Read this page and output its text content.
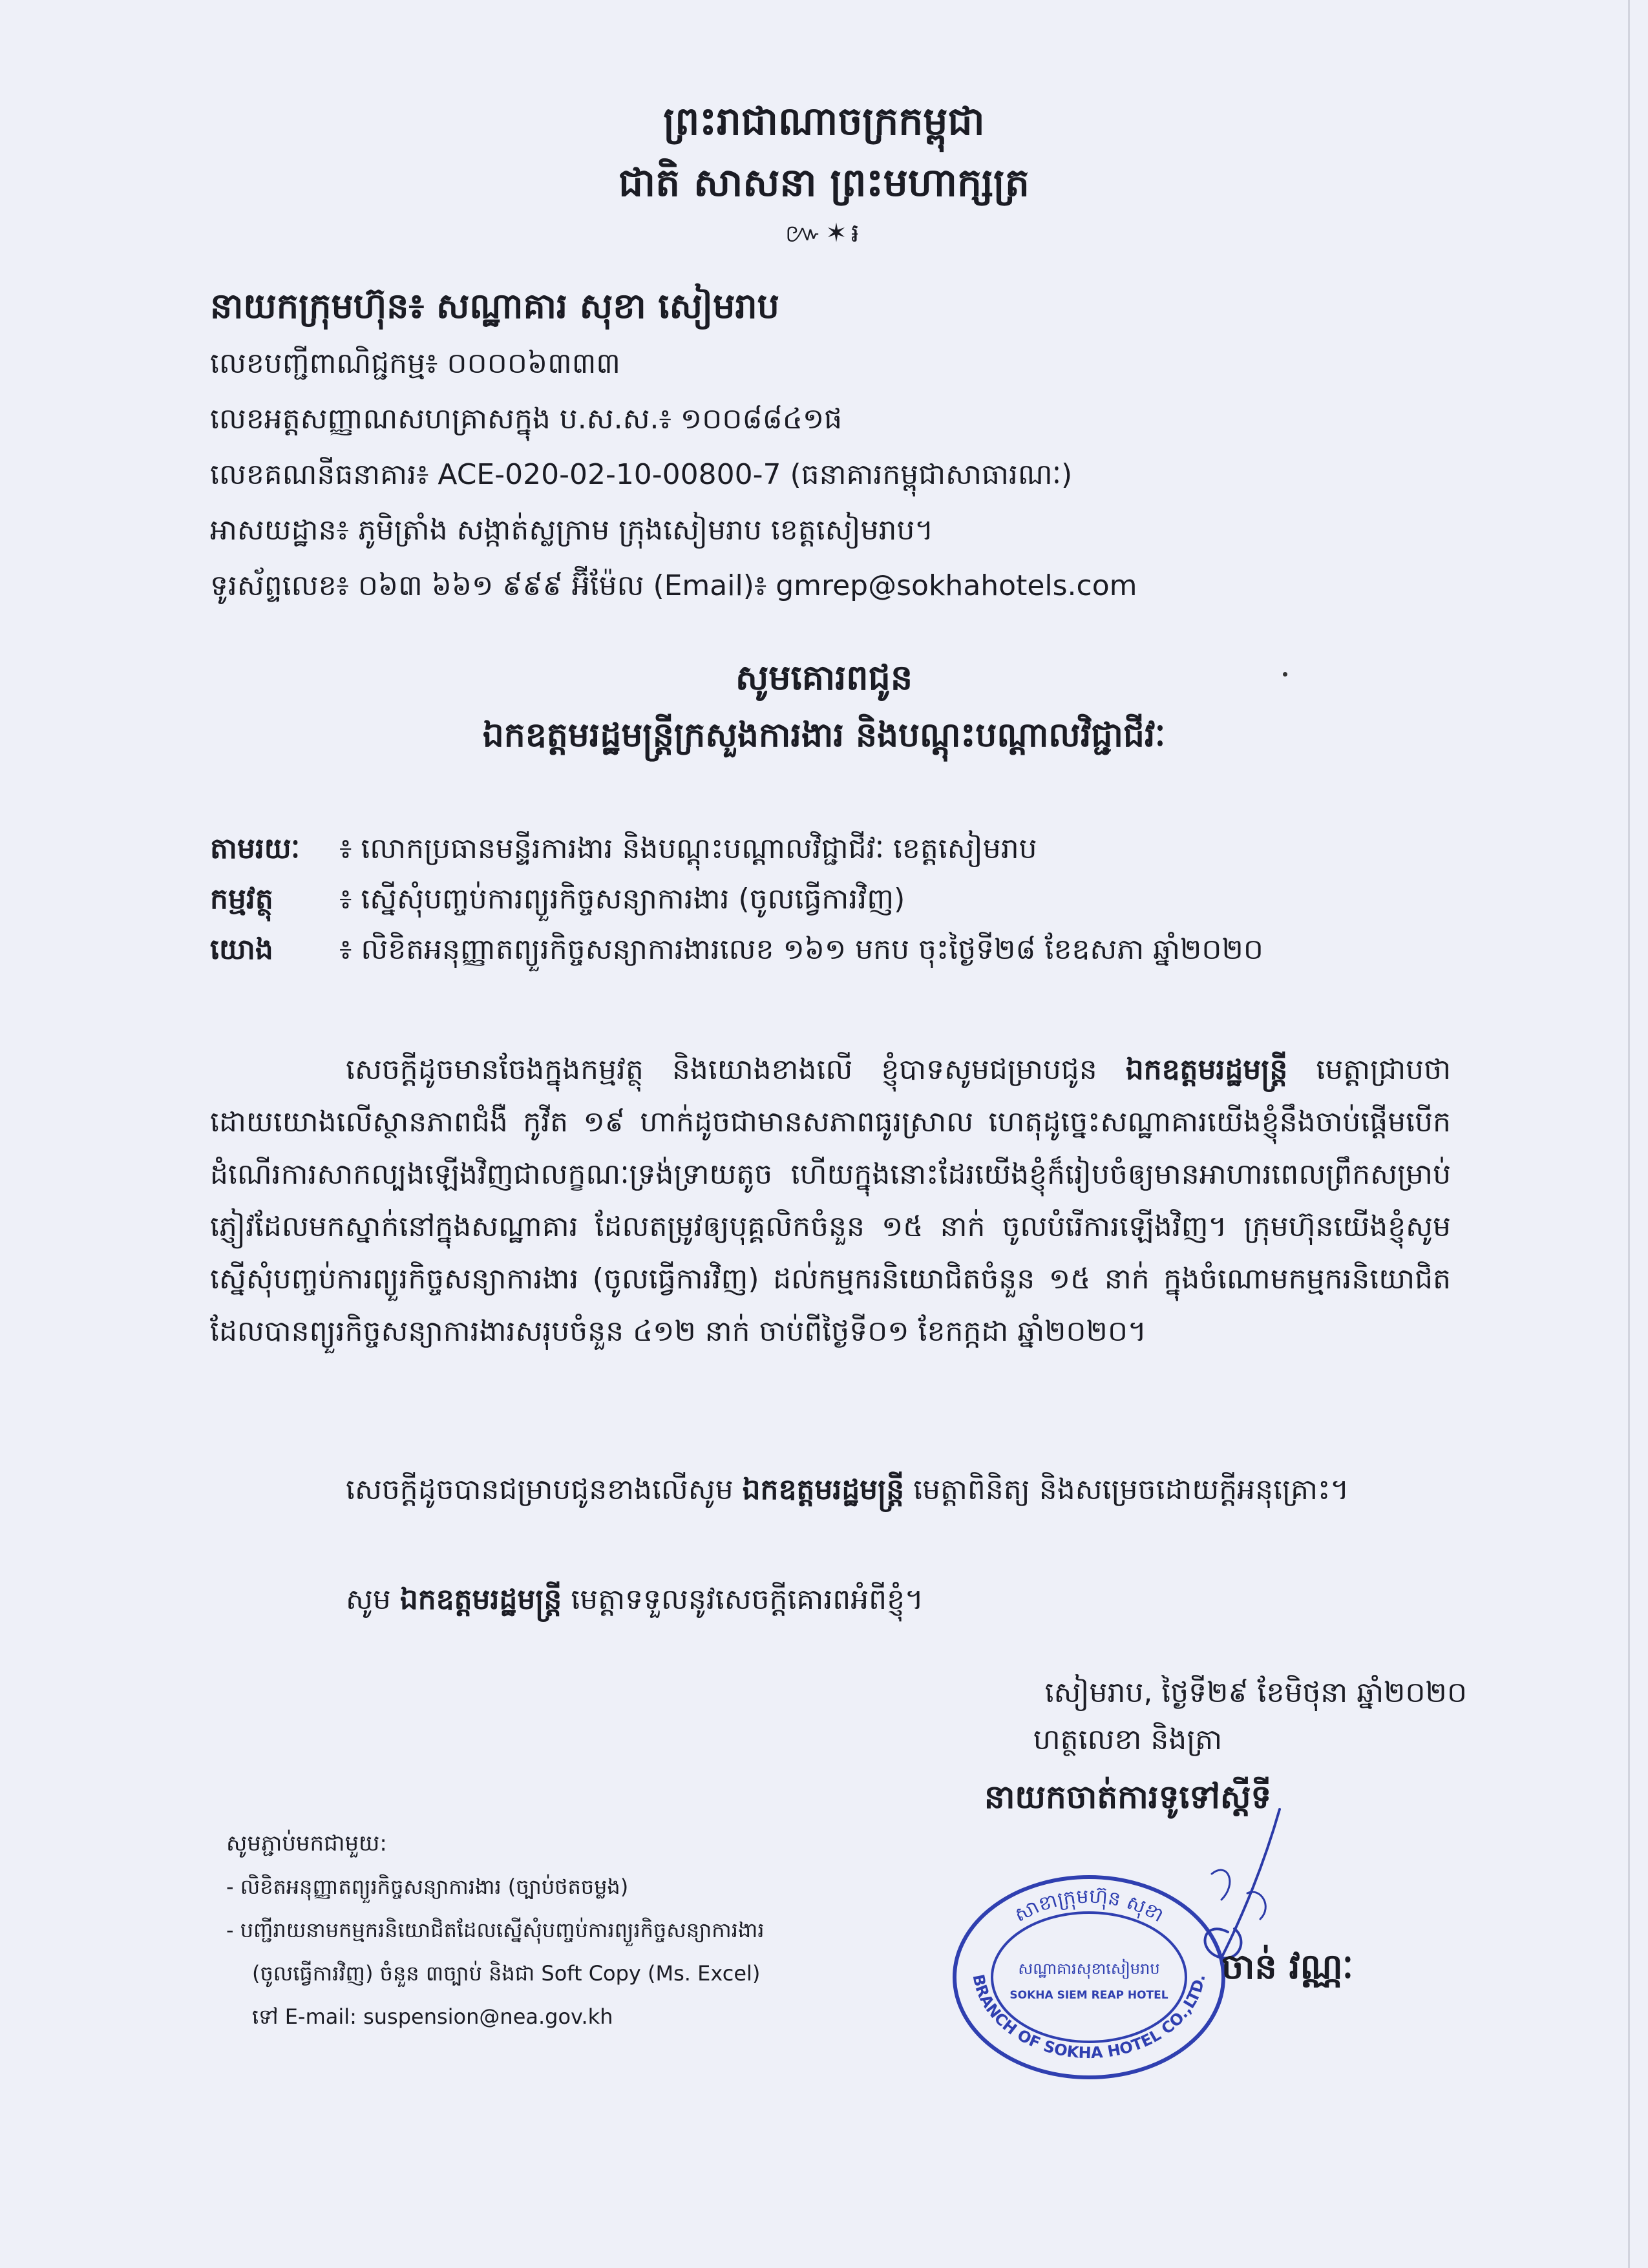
ព្រះរាជាណាចក្រកម្ពុជា
ជាតិ សាសនា ព្រះមហាក្សត្រ
៚✶៛
នាយកក្រុមហ៊ុន៖ សណ្ឋាគារ សុខា សៀមរាប
លេខបញ្ជីពាណិជ្ជកម្ម៖ ០០០០៦៣៣៣
លេខអត្តសញ្ញាណសហគ្រាសក្នុង ប.ស.ស.៖ ១០០៨៨៤១ផ
លេខគណនីធនាគារ៖ ACE-020-02-10-00800-7 (ធនាគារកម្ពុជាសាធារណៈ)
អាសយដ្ឋាន៖ ភូមិត្រាំង សង្កាត់ស្លក្រាម ក្រុងសៀមរាប ខេត្តសៀមរាប។
ទូរស័ព្ទលេខ៖ ០៦៣ ៦៦១ ៩៩៩ អ៊ីម៉ែល (Email)៖ gmrep@sokhahotels.com
សូមគោរពជូន
ឯកឧត្តមរដ្ឋមន្ត្រីក្រសួងការងារ និងបណ្តុះបណ្តាលវិជ្ជាជីវៈ
តាមរយៈ ៖ លោកប្រធានមន្ទីរការងារ និងបណ្តុះបណ្តាលវិជ្ជាជីវៈ ខេត្តសៀមរាប
កម្មវត្ថុ ៖ ស្នើសុំបញ្ចប់ការព្យួរកិច្ចសន្យាការងារ (ចូលធ្វើការវិញ)
យោង ៖ លិខិតអនុញ្ញាតព្យួរកិច្ចសន្យាការងារលេខ ១៦១ មកប ចុះថ្ងៃទី២៨ ខែឧសភា ឆ្នាំ២០២០
សេចក្តីដូចមានចែងក្នុងកម្មវត្ថុ និងយោងខាងលើ ខ្ញុំបាទសូមជម្រាបជូន ឯកឧត្តមរដ្ឋមន្ត្រី មេត្តាជ្រាបថា ដោយយោងលើស្ថានភាពជំងឺ កូវីត ១៩ ហាក់ដូចជាមានសភាពធូរស្រាល ហេតុដូច្នេះសណ្ឋាគារយើងខ្ញុំនឹងចាប់ផ្តើមបើកដំណើរការសាកល្បងឡើងវិញជាលក្ខណៈទ្រង់ទ្រាយតូច ហើយក្នុងនោះដែរយើងខ្ញុំក៏រៀបចំឲ្យមានអាហារពេលព្រឹកសម្រាប់ភ្ញៀវដែលមកស្នាក់នៅក្នុងសណ្ឋាគារ ដែលតម្រូវឲ្យបុគ្គលិកចំនួន ១៥ នាក់ ចូលបំរើការឡើងវិញ។ ក្រុមហ៊ុនយើងខ្ញុំសូមស្នើសុំបញ្ចប់ការព្យួរកិច្ចសន្យាការងារ (ចូលធ្វើការវិញ) ដល់កម្មករនិយោជិតចំនួន ១៥ នាក់ ក្នុងចំណោមកម្មករនិយោជិតដែលបានព្យួរកិច្ចសន្យាការងារសរុបចំនួន ៤១២ នាក់ ចាប់ពីថ្ងៃទី០១ ខែកក្កដា ឆ្នាំ២០២០។
សេចក្តីដូចបានជម្រាបជូនខាងលើសូម ឯកឧត្តមរដ្ឋមន្ត្រី មេត្តាពិនិត្យ និងសម្រេចដោយក្តីអនុគ្រោះ។
សូម ឯកឧត្តមរដ្ឋមន្ត្រី មេត្តាទទួលនូវសេចក្តីគោរពអំពីខ្ញុំ។
សៀមរាប, ថ្ងៃទី២៩ ខែមិថុនា ឆ្នាំ២០២០
ហត្ថលេខា និងត្រា
នាយកចាត់ការទូទៅស្តីទី
សូមភ្ជាប់មកជាមួយ:
- លិខិតអនុញ្ញាតព្យួរកិច្ចសន្យាការងារ (ច្បាប់ថតចម្លង)
- បញ្ជីរាយនាមកម្មករនិយោជិតដែលស្នើសុំបញ្ចប់ការព្យួរកិច្ចសន្យាការងារ
(ចូលធ្វើការវិញ) ចំនួន ៣ច្បាប់ និងជា Soft Copy (Ms. Excel)
ទៅ E-mail: suspension@nea.gov.kh
សាខាក្រុមហ៊ុន សុខា
សណ្ឋាគារសុខាសៀមរាប
SOKHA SIEM REAP HOTEL
BRANCH OF SOKHA HOTEL CO.,LTD. ចាន់ វណ្ណៈ
